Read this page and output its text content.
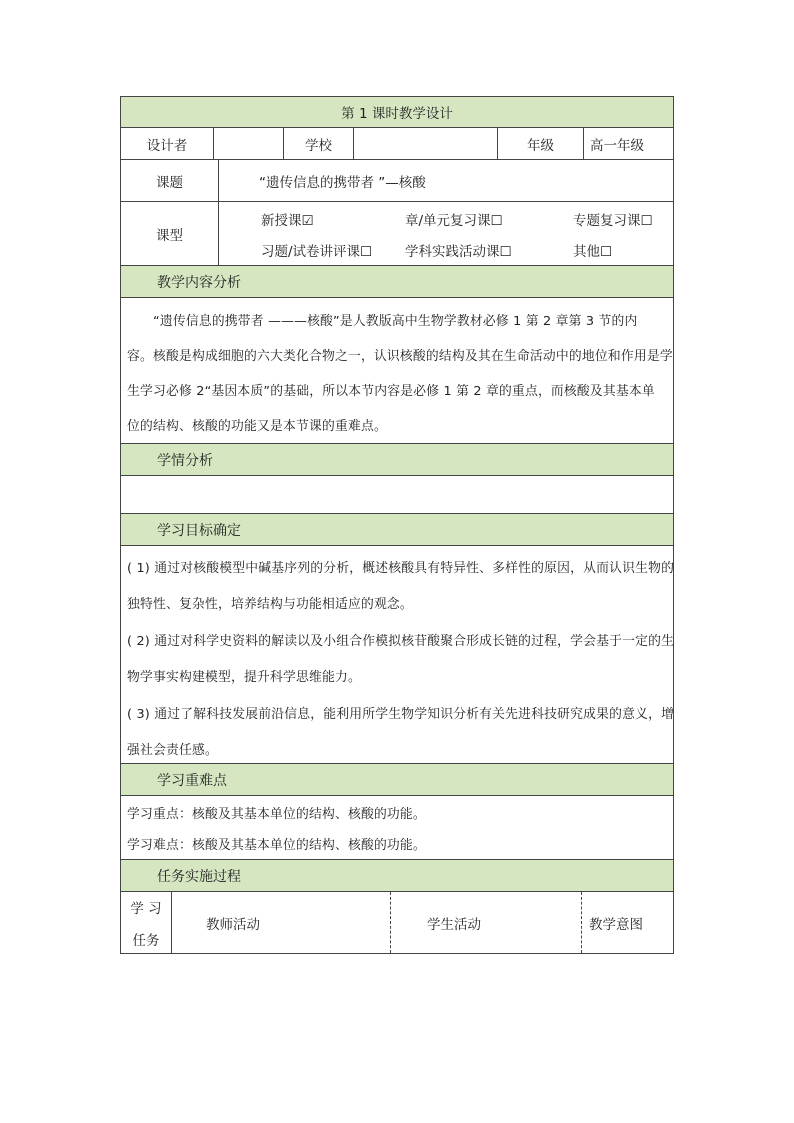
第 1 课时教学设计
设计者	学校	年级	高一年级
课题	“遗传信息的携带者 ”—核酸
课型
新授课☑	章/单元复习课☐	专题复习课☐
习题/试卷讲评课☐ 学科实践活动课☐	其他☐
教学内容分析
“遗传信息的携带者 ———核酸”是人教版高中生物学教材必修 1 第 2 章第 3 节的内
容。核酸是构成细胞的六大类化合物之一，认识核酸的结构及其在生命活动中的地位和作用是学
生学习必修 2“基因本质”的基础，所以本节内容是必修 1 第 2 章的重点，而核酸及其基本单
位的结构、核酸的功能又是本节课的重难点。
学情分析
学习目标确定
( 1) 通过对核酸模型中碱基序列的分析，概述核酸具有特异性、多样性的原因，从而认识生物的
独特性、复杂性，培养结构与功能相适应的观念。
( 2) 通过对科学史资料的解读以及小组合作模拟核苷酸聚合形成长链的过程，学会基于一定的生
物学事实构建模型，提升科学思维能力。
( 3) 通过了解科技发展前沿信息，能利用所学生物学知识分析有关先进科技研究成果的意义，增
强社会责任感。
学习重难点
学习重点：核酸及其基本单位的结构、核酸的功能。
学习难点：核酸及其基本单位的结构、核酸的功能。
任务实施过程
学 习
任务
教师活动	学生活动	教学意图
